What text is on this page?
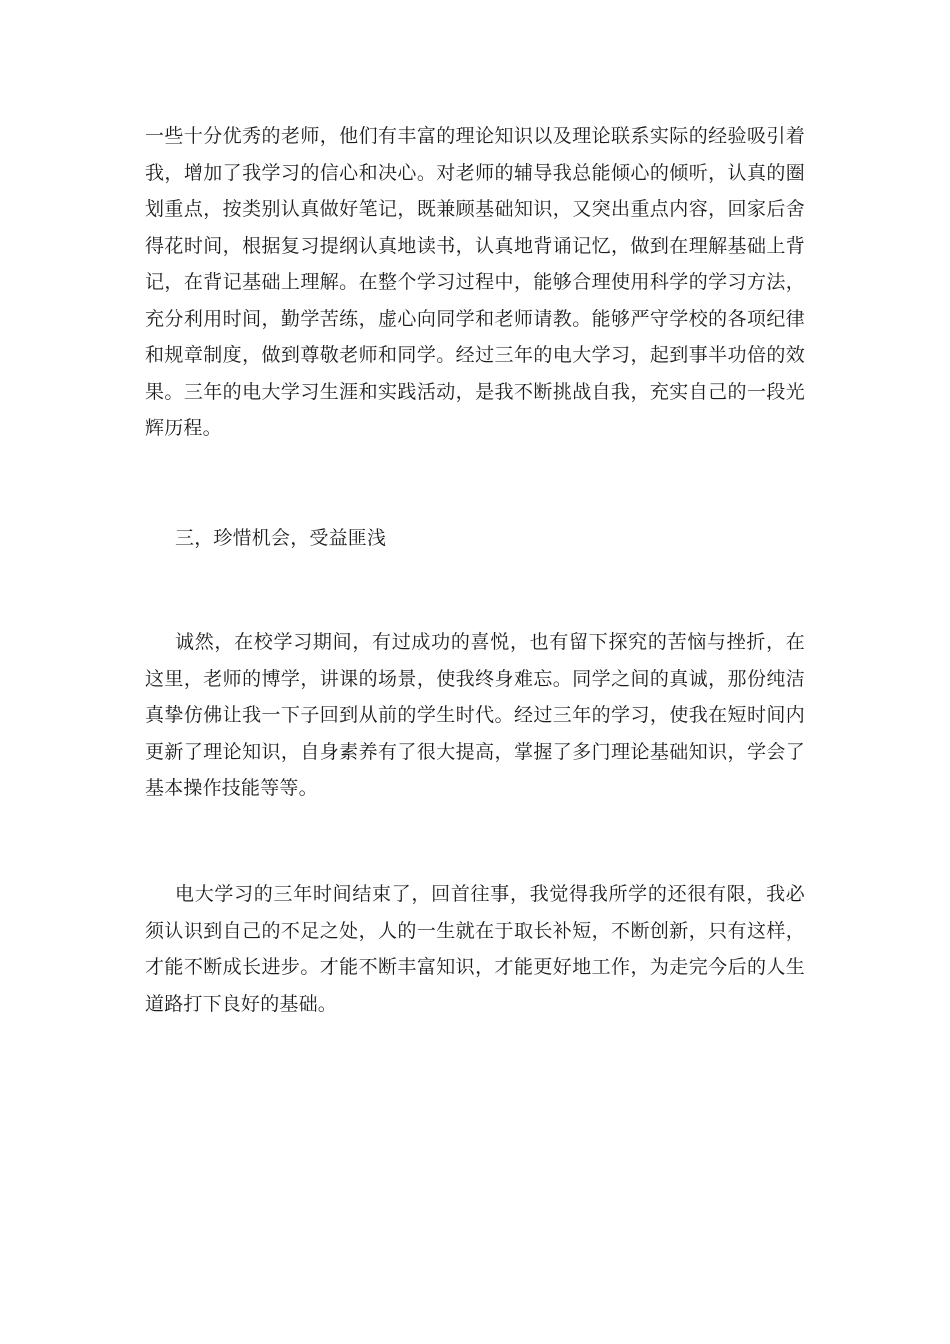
一些十分优秀的老师，他们有丰富的理论知识以及理论联系实际的经验吸引着我，增加了我学习的信心和决心。对老师的辅导我总能倾心的倾听，认真的圈划重点，按类别认真做好笔记，既兼顾基础知识，又突出重点内容，回家后舍得花时间，根据复习提纲认真地读书，认真地背诵记忆，做到在理解基础上背记，在背记基础上理解。在整个学习过程中，能够合理使用科学的学习方法，充分利用时间，勤学苦练，虚心向同学和老师请教。能够严守学校的各项纪律和规章制度，做到尊敬老师和同学。经过三年的电大学习，起到事半功倍的效果。三年的电大学习生涯和实践活动，是我不断挑战自我，充实自己的一段光辉历程。

三，珍惜机会，受益匪浅

诚然，在校学习期间，有过成功的喜悦，也有留下探究的苦恼与挫折，在这里，老师的博学，讲课的场景，使我终身难忘。同学之间的真诚，那份纯洁真挚仿佛让我一下子回到从前的学生时代。经过三年的学习，使我在短时间内更新了理论知识，自身素养有了很大提高，掌握了多门理论基础知识，学会了基本操作技能等等。

电大学习的三年时间结束了，回首往事，我觉得我所学的还很有限，我必须认识到自己的不足之处，人的一生就在于取长补短，不断创新，只有这样，才能不断成长进步。才能不断丰富知识，才能更好地工作，为走完今后的人生道路打下良好的基础。
